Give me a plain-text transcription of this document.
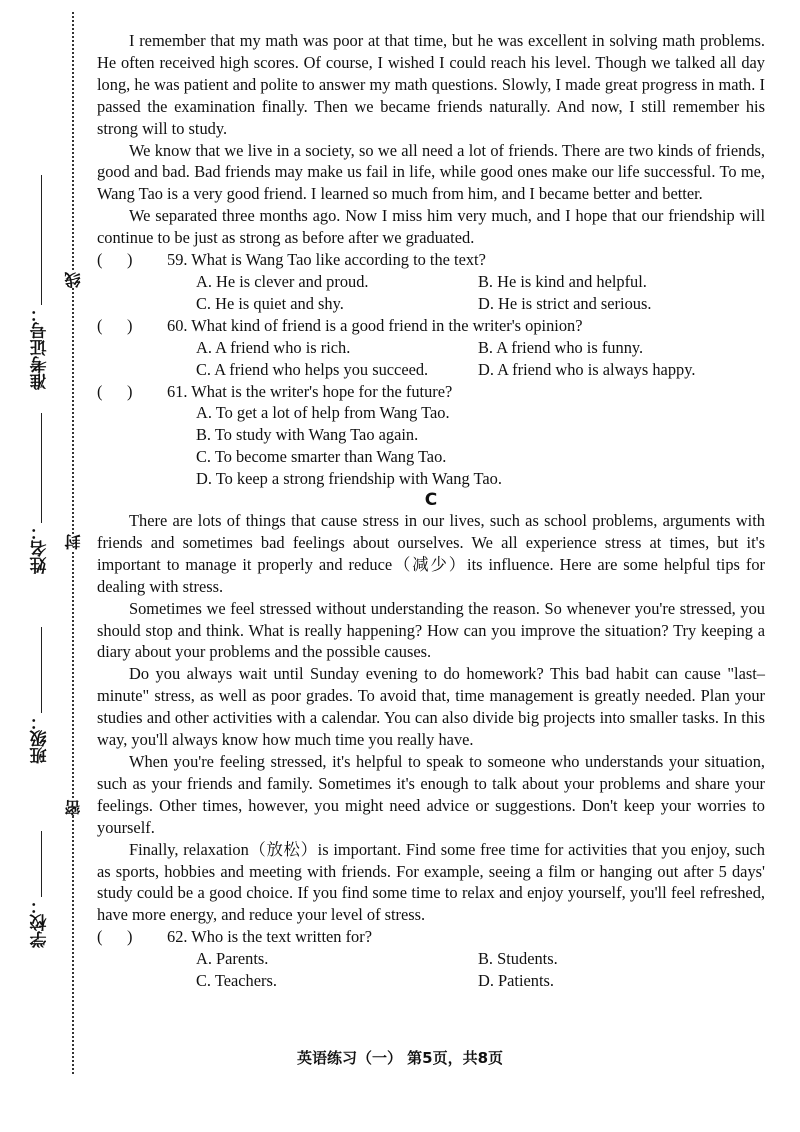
线
封
密
准考证号：
姓名：
班级：
学校：

I remember that my math was poor at that time, but he was excellent in solving math problems. He often received high scores. Of course, I wished I could reach his level. Though we talked all day long, he was patient and polite to answer my math questions. Slowly, I made great progress in math. I passed the examination finally. Then we became friends naturally. And now, I still remember his strong will to study.

We know that we live in a society, so we all need a lot of friends. There are two kinds of friends, good and bad. Bad friends may make us fail in life, while good ones make our life successful. To me, Wang Tao is a very good friend. I learned so much from him, and I became better and better.

We separated three months ago. Now I miss him very much, and I hope that our friendship will continue to be just as strong as before after we graduated.

(      )	59. What is Wang Tao like according to the text?
A. He is clever and proud.	B. He is kind and helpful.
C. He is quiet and shy.	D. He is strict and serious.
(      )	60. What kind of friend is a good friend in the writer's opinion?
A. A friend who is rich.	B. A friend who is funny.
C. A friend who helps you succeed.	D. A friend who is always happy.
(      )	61. What is the writer's hope for the future?
A. To get a lot of help from Wang Tao.
B. To study with Wang Tao again.
C. To become smarter than Wang Tao.
D. To keep a strong friendship with Wang Tao.
C

There are lots of things that cause stress in our lives, such as school problems, arguments with friends and sometimes bad feelings about ourselves. We all experience stress at times, but it's important to manage it properly and reduce（减少）its influence. Here are some helpful tips for dealing with stress.

Sometimes we feel stressed without understanding the reason. So whenever you're stressed, you should stop and think. What is really happening? How can you improve the situation? Try keeping a diary about your problems and the possible causes.

Do you always wait until Sunday evening to do homework? This bad habit can cause "last–minute" stress, as well as poor grades. To avoid that, time management is greatly needed. Plan your studies and other activities with a calendar. You can also divide big projects into smaller tasks. In this way, you'll always know how much time you really have.

When you're feeling stressed, it's helpful to speak to someone who understands your situation, such as your friends and family. Sometimes it's enough to talk about your problems and share your feelings. Other times, however, you might need advice or suggestions. Don't keep your worries to yourself.

Finally, relaxation（放松）is important. Find some free time for activities that you enjoy, such as sports, hobbies and meeting with friends. For example, seeing a film or hanging out after 5 days' study could be a good choice. If you find some time to relax and enjoy yourself, you'll feel refreshed, have more energy, and reduce your level of stress.

(      )	62. Who is the text written for?
A. Parents.	B. Students.
C. Teachers.	D. Patients.
英语练习（一） 第5页，共8页
